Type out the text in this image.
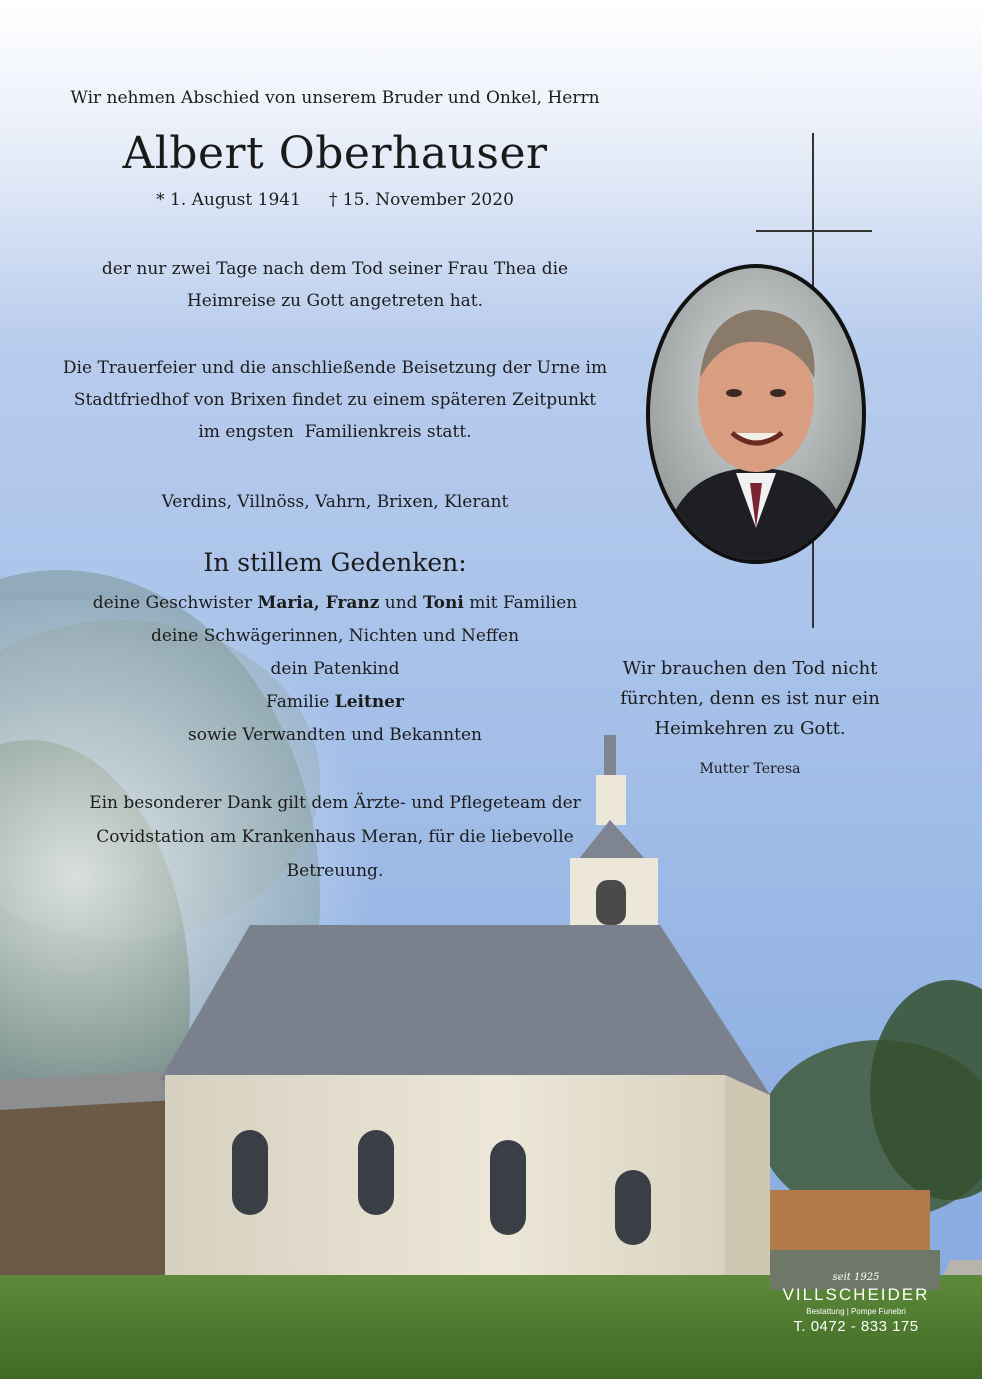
Wir nehmen Abschied von unserem Bruder und Onkel, Herrn
Albert Oberhauser
* 1. August 1941 † 15. November 2020
der nur zwei Tage nach dem Tod seiner Frau Thea die
Heimreise zu Gott angetreten hat.
Die Trauerfeier und die anschließende Beisetzung der Urne im
Stadtfriedhof von Brixen findet zu einem späteren Zeitpunkt
im engsten  Familienkreis statt.
Verdins, Villnöss, Vahrn, Brixen, Klerant
In stillem Gedenken:
deine Geschwister Maria, Franz und Toni mit Familien
deine Schwägerinnen, Nichten und Neffen
dein Patenkind
Familie Leitner
sowie Verwandten und Bekannten
Ein besonderer Dank gilt dem Ärzte- und Pflegeteam der
Covidstation am Krankenhaus Meran, für die liebevolle
Betreuung.
Wir brauchen den Tod nicht
fürchten, denn es ist nur ein
Heimkehren zu Gott.
Mutter Teresa
seit 1925
VILLSCHEIDER
Bestattung | Pompe Funebri
T. 0472 - 833 175
